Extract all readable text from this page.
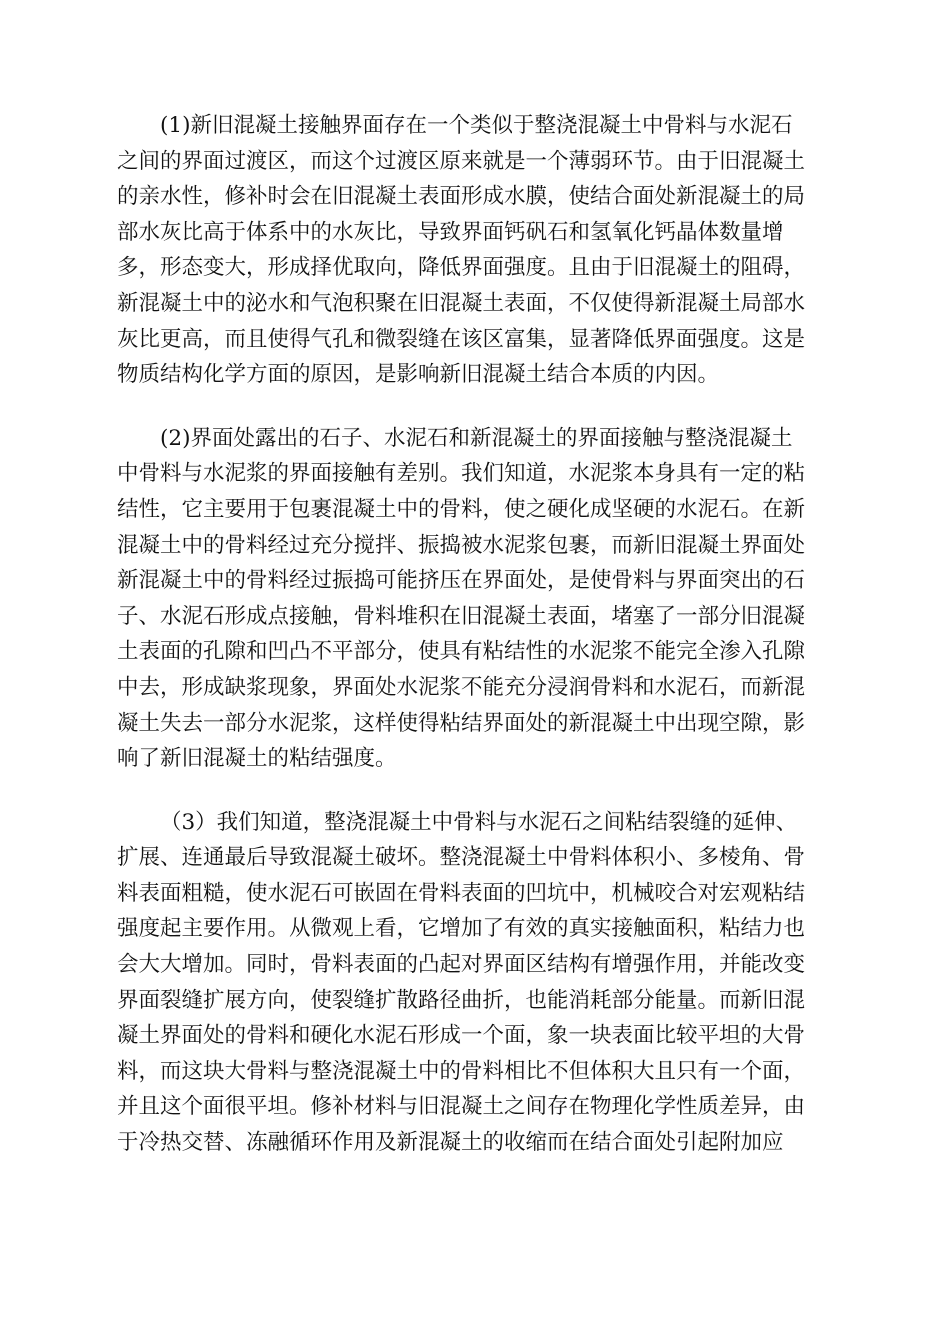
(1)新旧混凝土接触界面存在一个类似于整浇混凝土中骨料与水泥石
之间的界面过渡区，而这个过渡区原来就是一个薄弱环节。由于旧混凝土
的亲水性，修补时会在旧混凝土表面形成水膜，使结合面处新混凝土的局
部水灰比高于体系中的水灰比，导致界面钙矾石和氢氧化钙晶体数量增
多，形态变大，形成择优取向，降低界面强度。且由于旧混凝土的阻碍，
新混凝土中的泌水和气泡积聚在旧混凝土表面，不仅使得新混凝土局部水
灰比更高，而且使得气孔和微裂缝在该区富集，显著降低界面强度。这是
物质结构化学方面的原因，是影响新旧混凝土结合本质的内因。

(2)界面处露出的石子、水泥石和新混凝土的界面接触与整浇混凝土
中骨料与水泥浆的界面接触有差别。我们知道，水泥浆本身具有一定的粘
结性，它主要用于包裹混凝土中的骨料，使之硬化成坚硬的水泥石。在新
混凝土中的骨料经过充分搅拌、振捣被水泥浆包裹，而新旧混凝土界面处
新混凝土中的骨料经过振捣可能挤压在界面处，是使骨料与界面突出的石
子、水泥石形成点接触，骨料堆积在旧混凝土表面，堵塞了一部分旧混凝
土表面的孔隙和凹凸不平部分，使具有粘结性的水泥浆不能完全渗入孔隙
中去，形成缺浆现象，界面处水泥浆不能充分浸润骨料和水泥石，而新混
凝土失去一部分水泥浆，这样使得粘结界面处的新混凝土中出现空隙，影
响了新旧混凝土的粘结强度。

（3）我们知道，整浇混凝土中骨料与水泥石之间粘结裂缝的延伸、
扩展、连通最后导致混凝土破坏。整浇混凝土中骨料体积小、多棱角、骨
料表面粗糙，使水泥石可嵌固在骨料表面的凹坑中，机械咬合对宏观粘结
强度起主要作用。从微观上看，它增加了有效的真实接触面积，粘结力也
会大大增加。同时，骨料表面的凸起对界面区结构有增强作用，并能改变
界面裂缝扩展方向，使裂缝扩散路径曲折，也能消耗部分能量。而新旧混
凝土界面处的骨料和硬化水泥石形成一个面，象一块表面比较平坦的大骨
料，而这块大骨料与整浇混凝土中的骨料相比不但体积大且只有一个面，
并且这个面很平坦。修补材料与旧混凝土之间存在物理化学性质差异，由
于冷热交替、冻融循环作用及新混凝土的收缩而在结合面处引起附加应
